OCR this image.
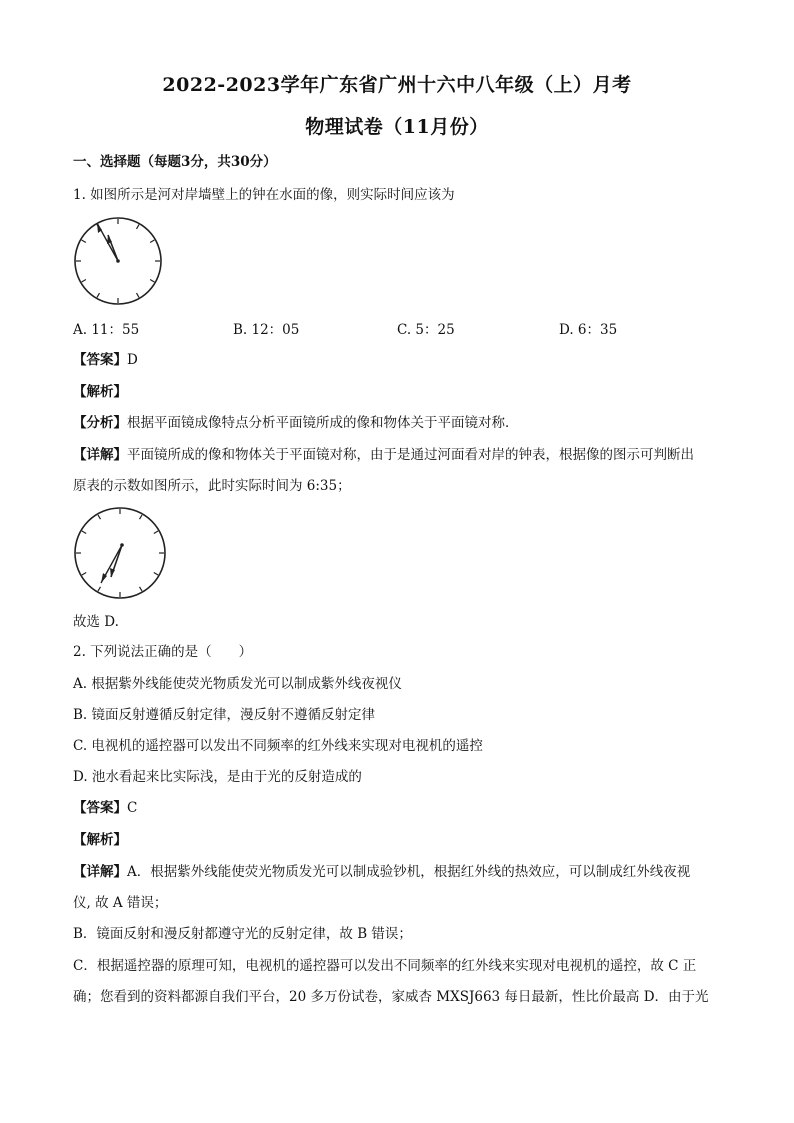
2022-2023学年广东省广州十六中八年级（上）月考
物理试卷（11月份）
一、选择题（每题3分，共30分）
1. 如图所示是河对岸墙壁上的钟在水面的像，则实际时间应该为
A. 11：55	B. 12：05	C. 5：25	D. 6：35
【答案】D
【解析】
【分析】根据平面镜成像特点分析平面镜所成的像和物体关于平面镜对称．
【详解】平面镜所成的像和物体关于平面镜对称，由于是通过河面看对岸的钟表，根据像的图示可判断出
原表的示数如图所示，此时实际时间为 6:35；
故选 D.
2. 下列说法正确的是（　　）
A. 根据紫外线能使荧光物质发光可以制成紫外线夜视仪
B. 镜面反射遵循反射定律，漫反射不遵循反射定律
C. 电视机的遥控器可以发出不同频率的红外线来实现对电视机的遥控
D. 池水看起来比实际浅，是由于光的反射造成的
【答案】C
【解析】
【详解】A．根据紫外线能使荧光物质发光可以制成验钞机，根据红外线的热效应，可以制成红外线夜视
仪, 故 A 错误；
B．镜面反射和漫反射都遵守光的反射定律，故 B 错误；
C．根据遥控器的原理可知，电视机的遥控器可以发出不同频率的红外线来实现对电视机的遥控，故 C 正
确；您看到的资料都源自我们平台，20 多万份试卷，家威杏 MXSJ663 每日最新，性比价最高 D．由于光
